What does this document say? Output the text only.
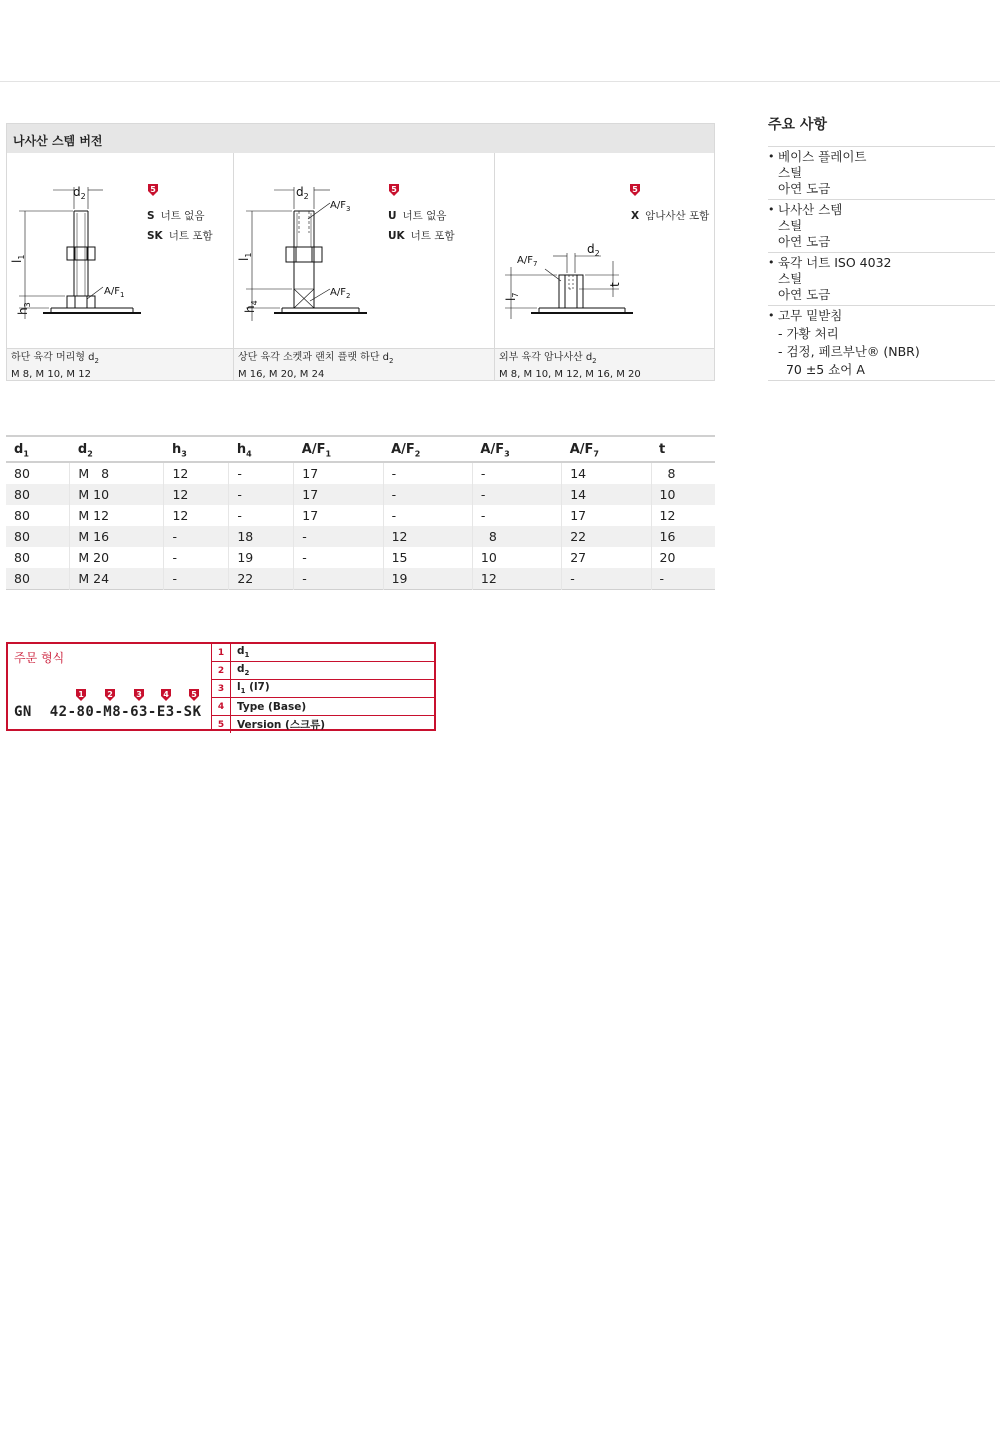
나사산 스템 버전
$d_2$
$l_1$
$h_3$
$A/F_1$
5
S 너트 없음
SK 너트 포함
하단 육각 머리형 $d_2$
M 8, M 10, M 12
$d_2$
$l_1$
$h_4$
$A/F_3$
$A/F_2$
5
U 너트 없음
UK 너트 포함
상단 육각 소켓과 랜치 플랫 하단 $d_2$
M 16, M 20, M 24
$d_2$
$l_7$
t
$A/F_7$
5
X 암나사산 포함
외부 육각 암나사산 $d_2$
M 8, M 10, M 12, M 16, M 20
주요 사항
• 베이스 플레이트
스틸
아연 도금
• 나사산 스템
스틸
아연 도금
• 육각 너트 ISO 4032
스틸
아연 도금
• 고무 밑받침
- 가황 처리
- 검정, 페르부난® (NBR)
70 ±5 쇼어 A
$d_1$	$d_2$	$h_3$	$h_4$	$A/F_1$	$A/F_2$	$A/F_3$	$A/F_7$	t
80	M   8	12	-	17	-	-	14	8
80	M 10	12	-	17	-	-	14	10
80	M 12	12	-	17	-	-	17	12
80	M 16	-	18	-	12	8	22	16
80	M 20	-	19	-	15	10	27	20
80	M 24	-	22	-	19	12	-	-
주문 형식
1	2	3	4	5
GN  42-80-M8-63-E3-SK
1	$d_1$
2	$d_2$
3	$l_1$ (l7)
4	Type (Base)
5	Version (스크류)
